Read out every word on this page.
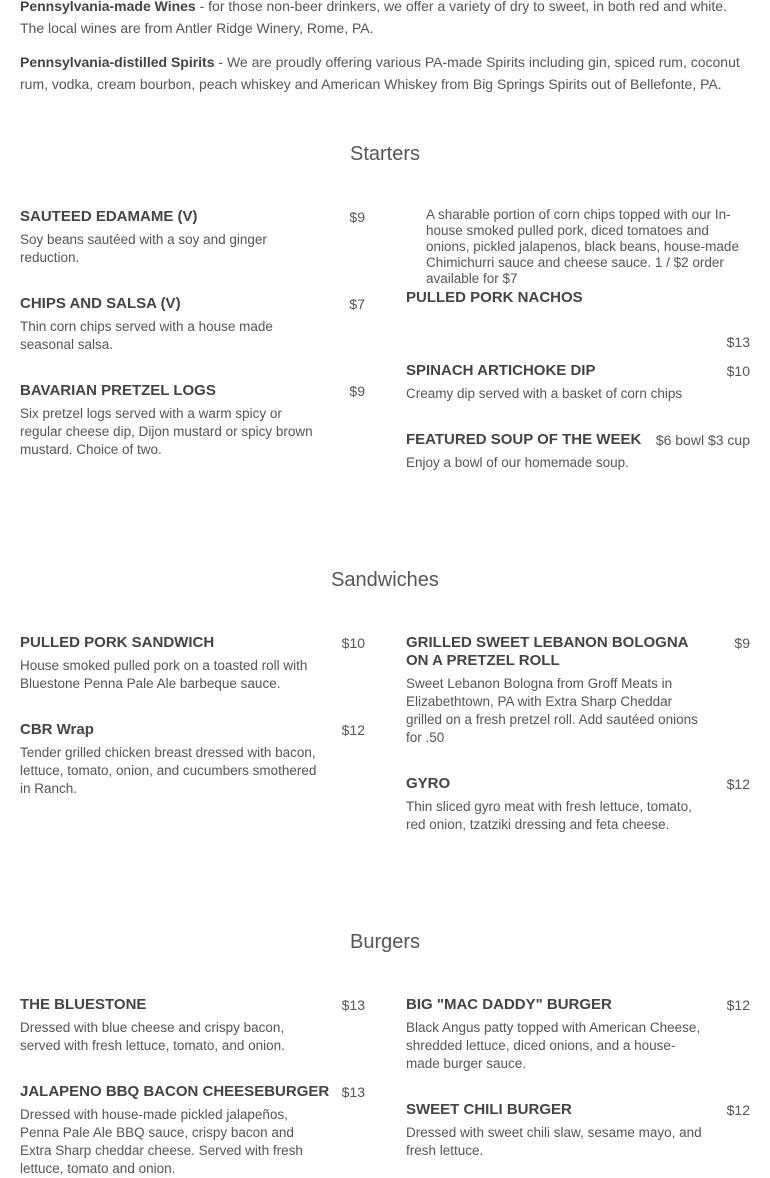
Pennsylvania-made Wines - for those non-beer drinkers, we offer a variety of dry to sweet, in both red and white. The local wines are from Antler Ridge Winery, Rome, PA.

Pennsylvania-distilled Spirits - We are proudly offering various PA-made Spirits including gin, spiced rum, coconut rum, vodka, cream bourbon, peach whiskey and American Whiskey from Big Springs Spirits out of Bellefonte, PA.

Starters
SAUTEED EDAMAME (V)	$9

Soy beans sautéed with a soy and ginger reduction.

CHIPS AND SALSA (V)	$7

Thin corn chips served with a house made seasonal salsa.

BAVARIAN PRETZEL LOGS	$9

Six pretzel logs served with a warm spicy or regular cheese dip, Dijon mustard or spicy brown mustard. Choice of two.

A sharable portion of corn chips topped with our In-house smoked pulled pork, diced tomatoes and onions, pickled jalapenos, black beans, house-made Chimichurri sauce and cheese sauce. 1 / $2 order available for $7

PULLED PORK NACHOS
$13
SPINACH ARTICHOKE DIP	$10

Creamy dip served with a basket of corn chips

FEATURED SOUP OF THE WEEK	$6 bowl $3 cup

Enjoy a bowl of our homemade soup.

Sandwiches
PULLED PORK SANDWICH	$10

House smoked pulled pork on a toasted roll with Bluestone Penna Pale Ale barbeque sauce.

CBR Wrap	$12

Tender grilled chicken breast dressed with bacon, lettuce, tomato, onion, and cucumbers smothered in Ranch.

GRILLED SWEET LEBANON BOLOGNA ON A PRETZEL ROLL
$9

Sweet Lebanon Bologna from Groff Meats in Elizabethtown, PA with Extra Sharp Cheddar grilled on a fresh pretzel roll. Add sautéed onions for .50

GYRO	$12

Thin sliced gyro meat with fresh lettuce, tomato, red onion, tzatziki dressing and feta cheese.

Burgers
THE BLUESTONE	$13

Dressed with blue cheese and crispy bacon, served with fresh lettuce, tomato, and onion.

JALAPENO BBQ BACON CHEESEBURGER $13

Dressed with house-made pickled jalapeños, Penna Pale Ale BBQ sauce, crispy bacon and Extra Sharp cheddar cheese. Served with fresh lettuce, tomato and onion.

BIG "MAC DADDY" BURGER	$12

Black Angus patty topped with American Cheese, shredded lettuce, diced onions, and a house-made burger sauce.

SWEET CHILI BURGER	$12

Dressed with sweet chili slaw, sesame mayo, and fresh lettuce.
